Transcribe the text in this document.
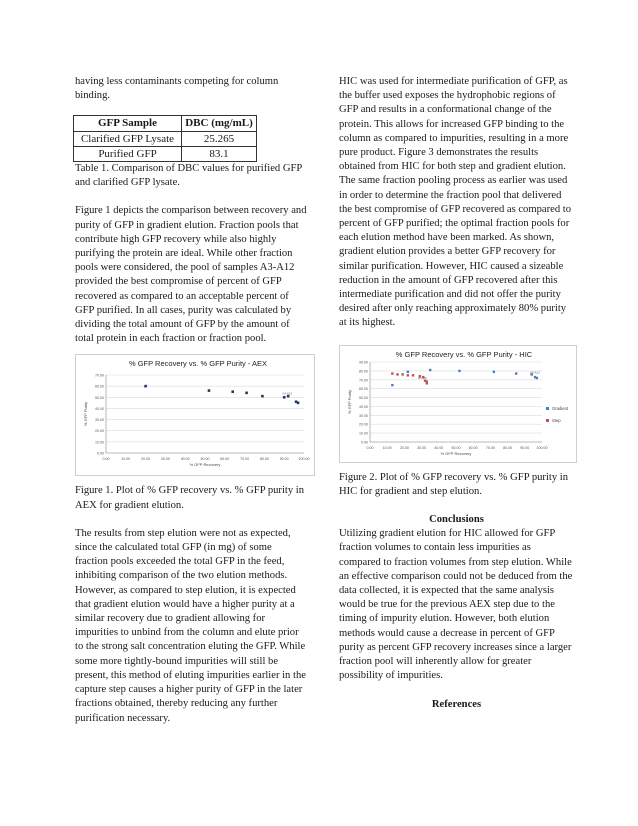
having less contaminants competing for column binding.

GFP Sample	DBC (mg/mL)
Clarified GFP Lysate	25.265
Purified GFP	83.1

Table 1. Comparison of DBC values for purified GFP and clarified GFP lysate.

Figure 1 depicts the comparison between recovery and purity of GFP in gradient elution. Fraction pools that contribute high GFP recovery while also highly purifying the protein are ideal. While other fraction pools were considered, the pool of samples A3-A12 provided the best compromise of percent of GFP recovered as compared to an acceptable percent of GFP purified. In all cases, purity was calculated by dividing the total amount of GFP by the amount of total protein in each fraction or fraction pool.

% GFP Recovery vs. % GFP Purity - AEX
0.00
10.00
20.00
30.00
40.00
50.00
60.00
70.00
0.00	10.00	20.00	30.00	40.00	50.00	60.00	70.00	80.00	90.00	100.00
% GFP Recovery
% GFP Purity
A3-A12

Figure 1. Plot of % GFP recovery vs. % GFP purity in AEX for gradient elution.

The results from step elution were not as expected, since the calculated total GFP (in mg) of some fraction pools exceeded the total GFP in the feed, inhibiting comparison of the two elution methods. However, as compared to step elution, it is expected that gradient elution would have a higher purity at a similar recovery due to gradient allowing for impurities to unbind from the column and elute prior to the strong salt concentration eluting the GFP. While some more tightly-bound impurities will still be present, this method of eluting impurities earlier in the capture step causes a higher purity of GFP in the later fractions obtained, thereby reducing any further purification necessary.

HIC was used for intermediate purification of GFP, as the buffer used exposes the hydrophobic regions of GFP and results in a conformational change of the protein. This allows for increased GFP binding to the column as compared to impurities, resulting in a more pure product. Figure 3 demonstrates the results obtained from HIC for both step and gradient elution. The same fraction pooling process as earlier was used in order to determine the fraction pool that delivered the best compromise of GFP recovered as compared to percent of GFP purified; the optimal fraction pools for each elution method have been marked. As shown, gradient elution provides a better GFP recovery for similar purification. However, HIC caused a sizeable reduction in the amount of GFP recovered after this intermediate purification and did not offer the purity desired after only reaching approximately 80% purity at its highest.

% GFP Recovery vs. % GFP Purity - HIC
0.00
10.00
20.00
30.00
40.00
50.00
60.00
70.00
80.00
90.00
0.00	10.00 20.00 30.00 40.00 50.00 60.00 70.00 80.00 90.00 100.00
% GFP Recovery
% GFP Purity
A5-A12
B5-B9
Gradient
Step

Figure 2. Plot of % GFP recovery vs. % GFP purity in HIC for gradient and step elution.

Conclusions

Utilizing gradient elution for HIC allowed for GFP fraction volumes to contain less impurities as compared to fraction volumes from step elution. While an effective comparison could not be deduced from the data collected, it is expected that the same analysis would be true for the previous AEX step due to the timing of impurity elution. However, both elution methods would cause a decrease in percent of GFP purity as percent GFP recovery increases since a larger fraction pool will inherently allow for greater possibility of impurities.

References
